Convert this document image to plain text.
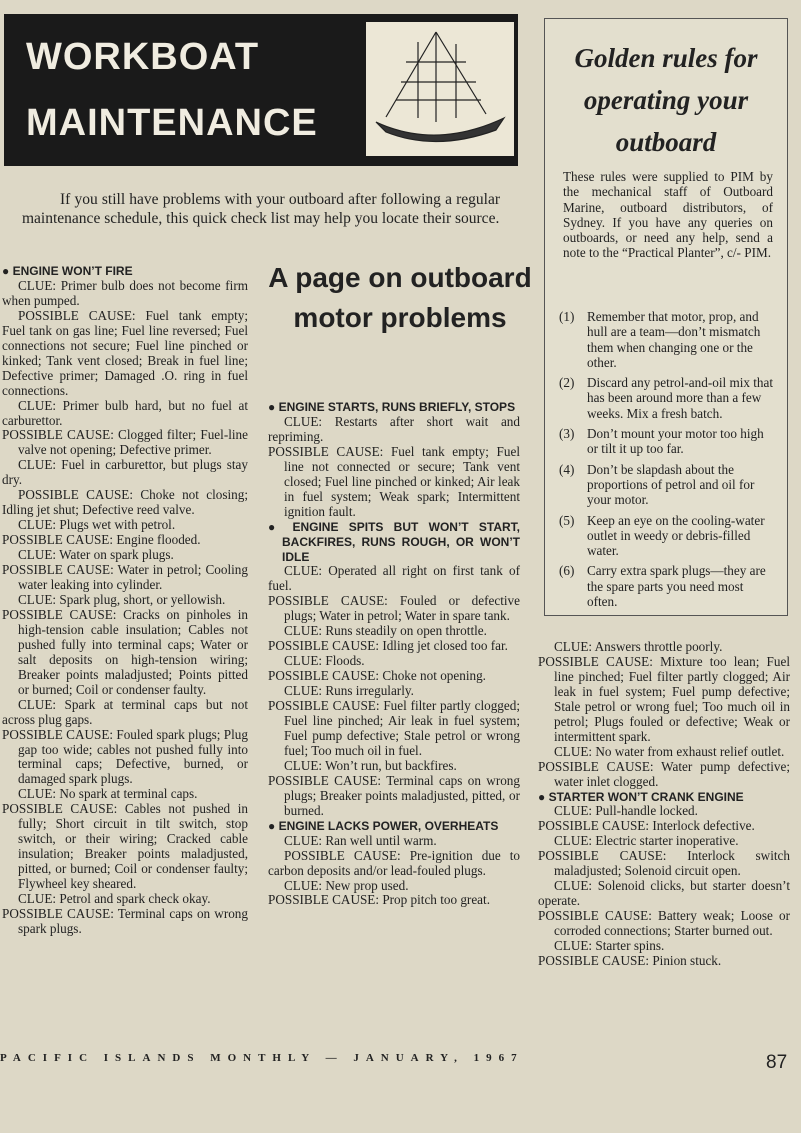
WORKBOAT
MAINTENANCE
Golden rules for operating your outboard
These rules were supplied to PIM by the mechanical staff of Outboard Marine, outboard distributors, of Sydney. If you have any queries on outboards, or need any help, send a note to the “Practical Planter”, c/- PIM.
(1) Remember that motor, prop, and hull are a team—don’t mismatch them when changing one or the other.
(2) Discard any petrol-and-oil mix that has been around more than a few weeks. Mix a fresh batch.
(3) Don’t mount your motor too high or tilt it up too far.
(4) Don’t be slapdash about the proportions of petrol and oil for your motor.
(5) Keep an eye on the cooling-water outlet in weedy or debris-filled water.
(6) Carry extra spark plugs—they are the spare parts you need most often.
If you still have problems with your outboard after following a regular maintenance schedule, this quick check list may help you locate their source.
A page on outboard motor problems

● ENGINE WON’T FIRE

CLUE: Primer bulb does not become firm when pumped.

POSSIBLE CAUSE: Fuel tank empty; Fuel tank on gas line; Fuel line reversed; Fuel connections not secure; Fuel line pinched or kinked; Tank vent closed; Break in fuel line; Defective primer; Damaged .O. ring in fuel connections.

CLUE: Primer bulb hard, but no fuel at carburettor.

POSSIBLE CAUSE: Clogged filter; Fuel-line valve not opening; Defective primer.

CLUE: Fuel in carburettor, but plugs stay dry.

POSSIBLE CAUSE: Choke not closing; Idling jet shut; Defective reed valve.

CLUE: Plugs wet with petrol.

POSSIBLE CAUSE: Engine flooded.

CLUE: Water on spark plugs.

POSSIBLE CAUSE: Water in petrol; Cooling water leaking into cylinder.

CLUE: Spark plug, short, or yellowish.

POSSIBLE CAUSE: Cracks on pinholes in high-tension cable insulation; Cables not pushed fully into terminal caps; Water or salt deposits on high-tension wiring; Breaker points maladjusted; Points pitted or burned; Coil or condenser faulty.

CLUE: Spark at terminal caps but not across plug gaps.

POSSIBLE CAUSE: Fouled spark plugs; Plug gap too wide; cables not pushed fully into terminal caps; Defective, burned, or damaged spark plugs.

CLUE: No spark at terminal caps.

POSSIBLE CAUSE: Cables not pushed in fully; Short circuit in tilt switch, stop switch, or their wiring; Cracked cable insulation; Breaker points maladjusted, pitted, or burned; Coil or condenser faulty; Flywheel key sheared.

CLUE: Petrol and spark check okay.

POSSIBLE CAUSE: Terminal caps on wrong spark plugs.

● ENGINE STARTS, RUNS BRIEFLY, STOPS

CLUE: Restarts after short wait and repriming.

POSSIBLE CAUSE: Fuel tank empty; Fuel line not connected or secure; Tank vent closed; Fuel line pinched or kinked; Air leak in fuel system; Weak spark; Intermittent ignition fault.

● ENGINE SPITS BUT WON’T START, BACKFIRES, RUNS ROUGH, OR WON’T IDLE

CLUE: Operated all right on first tank of fuel.

POSSIBLE CAUSE: Fouled or defective plugs; Water in petrol; Water in spare tank.

CLUE: Runs steadily on open throttle.

POSSIBLE CAUSE: Idling jet closed too far.

CLUE: Floods.

POSSIBLE CAUSE: Choke not opening.

CLUE: Runs irregularly.

POSSIBLE CAUSE: Fuel filter partly clogged; Fuel line pinched; Air leak in fuel system; Fuel pump defective; Stale petrol or wrong fuel; Too much oil in fuel.

CLUE: Won’t run, but backfires.

POSSIBLE CAUSE: Terminal caps on wrong plugs; Breaker points maladjusted, pitted, or burned.

● ENGINE LACKS POWER, OVERHEATS

CLUE: Ran well until warm.

POSSIBLE CAUSE: Pre-ignition due to carbon deposits and/or lead-fouled plugs.

CLUE: New prop used.

POSSIBLE CAUSE: Prop pitch too great.

CLUE: Answers throttle poorly.

POSSIBLE CAUSE: Mixture too lean; Fuel line pinched; Fuel filter partly clogged; Air leak in fuel system; Fuel pump defective; Stale petrol or wrong fuel; Too much oil in petrol; Plugs fouled or defective; Weak or intermittent spark.

CLUE: No water from exhaust relief outlet.

POSSIBLE CAUSE: Water pump defective; water inlet clogged.

● STARTER WON’T CRANK ENGINE

CLUE: Pull-handle locked.

POSSIBLE CAUSE: Interlock defective.

CLUE: Electric starter inoperative.

POSSIBLE CAUSE: Interlock switch maladjusted; Solenoid circuit open.

CLUE: Solenoid clicks, but starter doesn’t operate.

POSSIBLE CAUSE: Battery weak; Loose or corroded connections; Starter burned out.

CLUE: Starter spins.

POSSIBLE CAUSE: Pinion stuck.

PACIFIC ISLANDS MONTHLY — JANUARY, 1967	87
